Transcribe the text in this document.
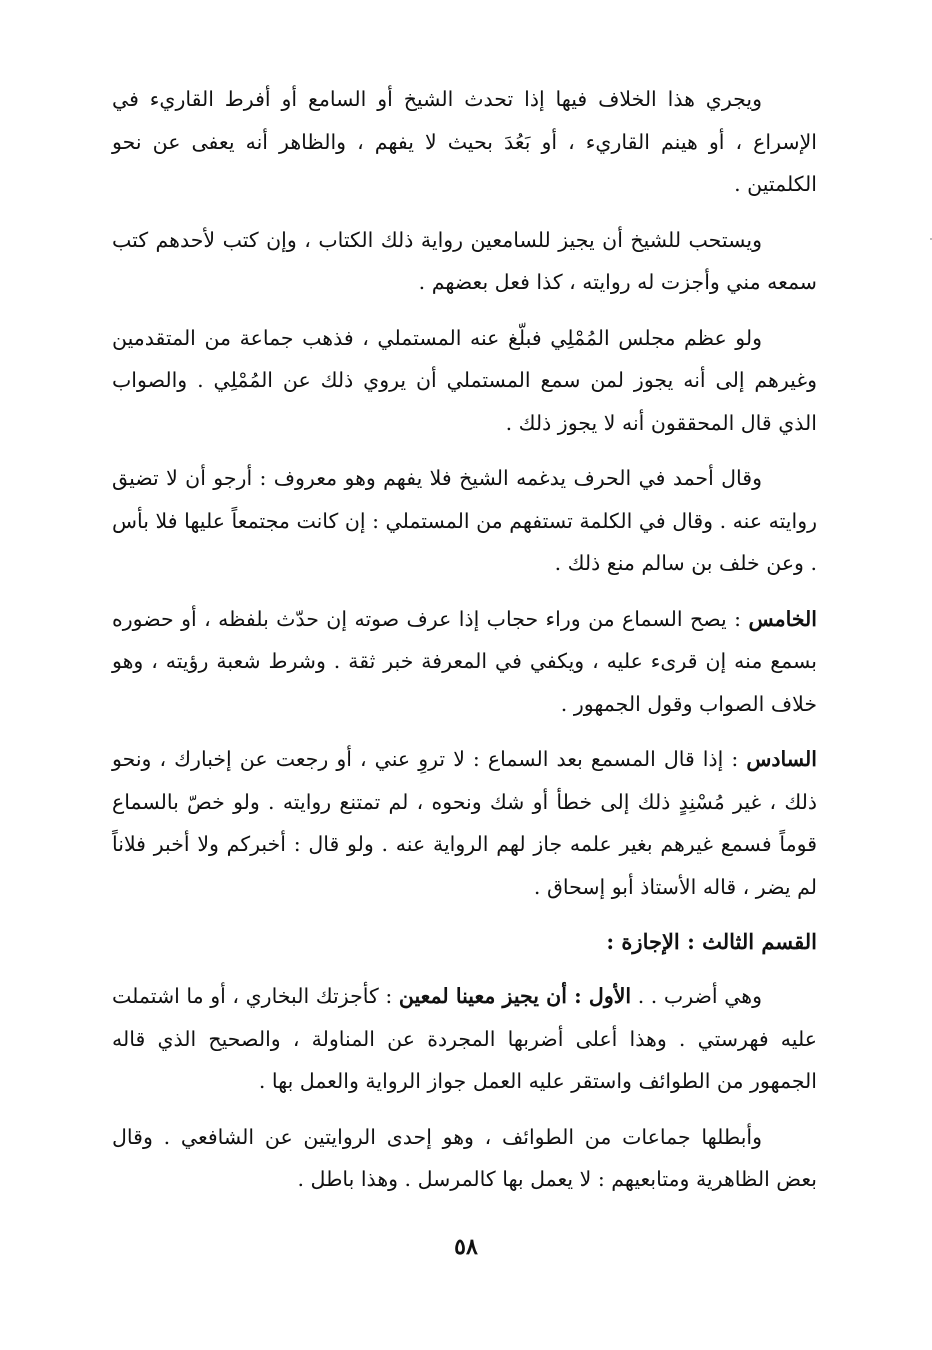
ويجري هذا الخلاف فيها إذا تحدث الشيخ أو السامع أو أفرط القاريء في الإسراع ، أو هينم القاريء ، أو بَعُدَ بحيث لا يفهم ، والظاهر أنه يعفى عن نحو الكلمتين .

ويستحب للشيخ أن يجيز للسامعين رواية ذلك الكتاب ، وإن كتب لأحدهم كتب سمعه مني وأجزت له روايته ، كذا فعل بعضهم .

ولو عظم مجلس المُمْلِي فبلّغ عنه المستملي ، فذهب جماعة من المتقدمين وغيرهم إلى أنه يجوز لمن سمع المستملي أن يروي ذلك عن المُمْلِي . والصواب الذي قال المحققون أنه لا يجوز ذلك .

وقال أحمد في الحرف يدغمه الشيخ فلا يفهم وهو معروف : أرجو أن لا تضيق روايته عنه . وقال في الكلمة تستفهم من المستملي : إن كانت مجتمعاً عليها فلا بأس . وعن خلف بن سالم منع ذلك .

الخامس : يصح السماع من وراء حجاب إذا عرف صوته إن حدّث بلفظه ، أو حضوره بسمع منه إن قرىء عليه ، ويكفي في المعرفة خبر ثقة . وشرط شعبة رؤيته ، وهو خلاف الصواب وقول الجمهور .

السادس : إذا قال المسمع بعد السماع : لا تروِ عني ، أو رجعت عن إخبارك ، ونحو ذلك ، غير مُسْنِدٍ ذلك إلى خطأ أو شك ونحوه ، لم تمتنع روايته . ولو خصّ بالسماع قوماً فسمع غيرهم بغير علمه جاز لهم الرواية عنه . ولو قال : أخبركم ولا أخبر فلاناً لم يضر ، قاله الأستاذ أبو إسحاق .

القسم الثالث : الإجازة :

وهي أضرب . . الأول : أن يجيز معينا لمعين : كأجزتك البخاري ، أو ما اشتملت عليه فهرستي . وهذا أعلى أضربها المجردة عن المناولة ، والصحيح الذي قاله الجمهور من الطوائف واستقر عليه العمل جواز الرواية والعمل بها .

وأبطلها جماعات من الطوائف ، وهو إحدى الروايتين عن الشافعي . وقال بعض الظاهرية ومتابعيهم : لا يعمل بها كالمرسل . وهذا باطل .

٥٨
